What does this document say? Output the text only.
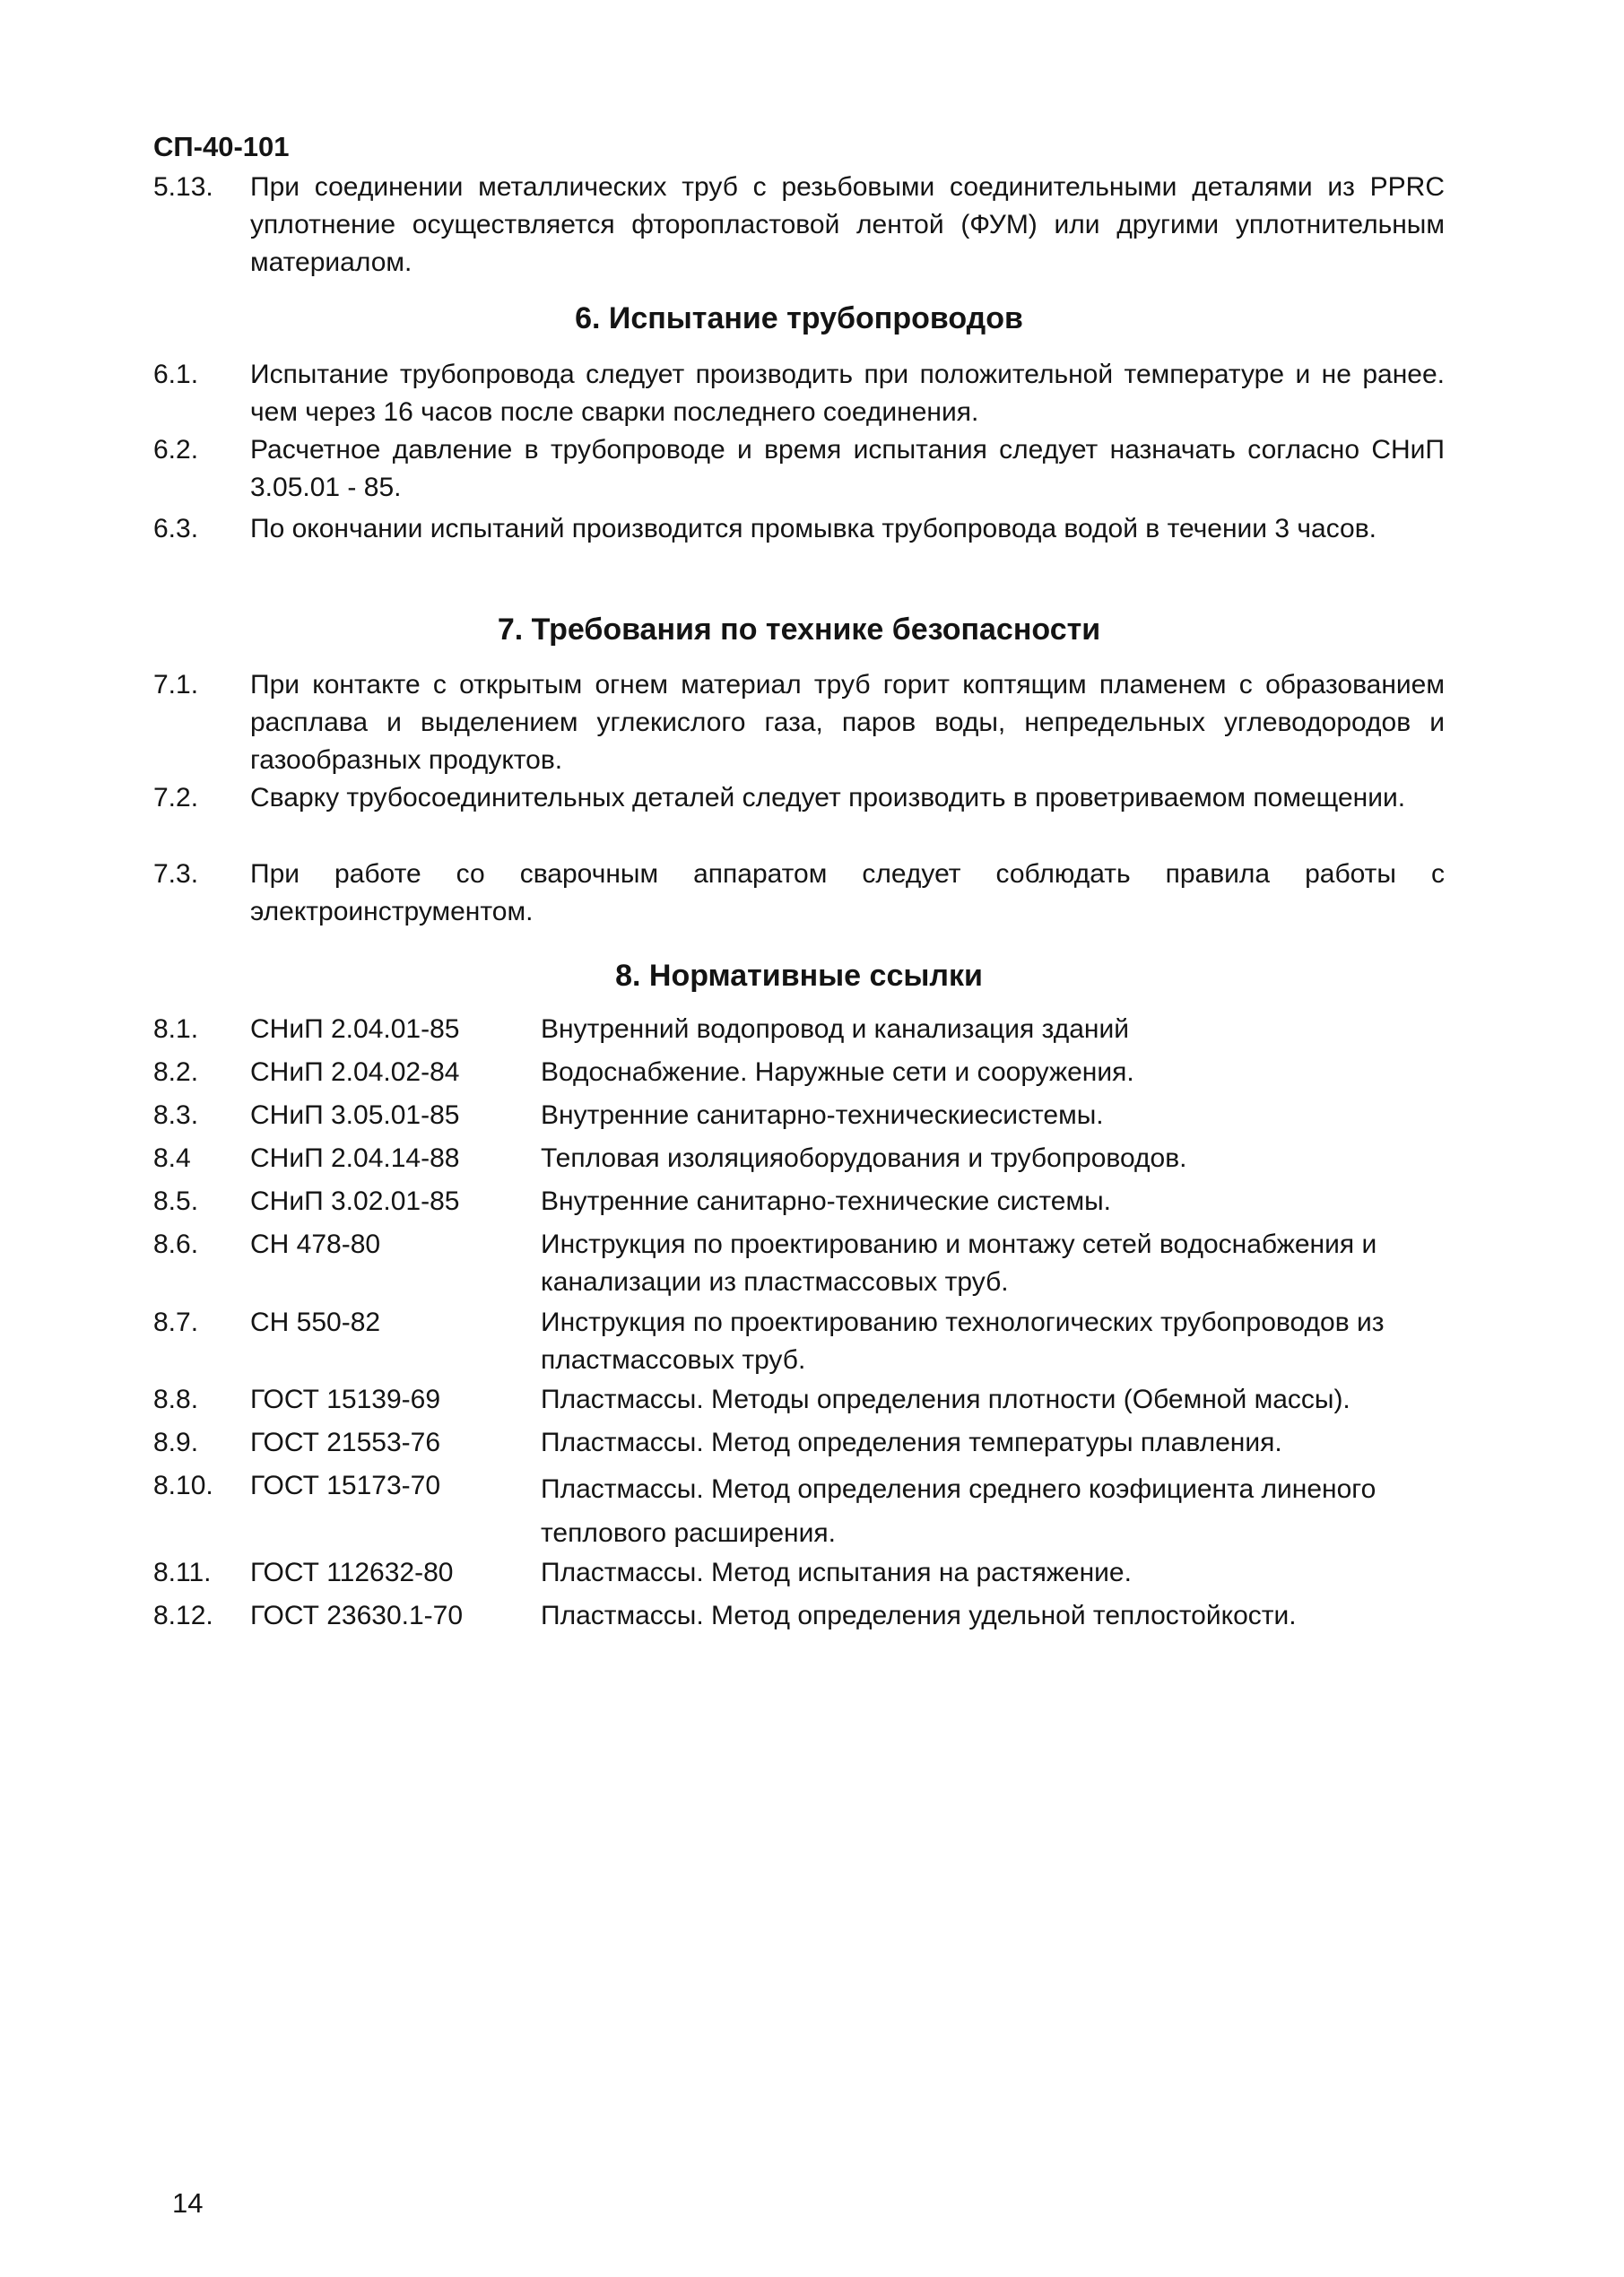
СП-40-101
5.13.	При соединении металлических труб с резьбовыми соединительными деталями из PPRC уплотнение осуществляется фторопластовой лентой (ФУМ) или другими уплотнительным материалом.
6. Испытание трубопроводов
6.1.	Испытание трубопровода следует производить при положительной температуре и не ранее. чем через 16 часов после сварки последнего соединения.
6.2.	Расчетное давление в трубопроводе и время испытания следует назначать согласно СНиП 3.05.01 - 85.
6.3.	По окончании испытаний производится промывка трубопровода водой в течении 3 часов.
7. Требования по технике безопасности
7.1.	При контакте с открытым огнем материал труб горит коптящим пламенем с образованием расплава и выделением углекислого газа, паров воды, непредельных углеводородов и газообразных продуктов.
7.2.	Сварку трубосоединительных деталей следует производить в проветриваемом помещении.
7.3.	При работе со сварочным аппаратом следует соблюдать правила работы с электроинструментом.
8. Нормативные ссылки
8.1. СНиП 2.04.01-85	Внутренний водопровод и канализация зданий
8.2. СНиП 2.04.02-84	Водоснабжение. Наружные сети и сооружения.
8.3. СНиП 3.05.01-85	Внутренние санитарно-техническиесистемы.
8.4 СНиП 2.04.14-88	Тепловая изоляцияоборудования и трубопроводов.
8.5. СНиП 3.02.01-85	Внутренние санитарно-технические системы.
8.6. СН 478-80	Инструкция по проектированию и монтажу сетей водоснабжения и канализации из пластмассовых труб.
8.7. СН 550-82	Инструкция по проектированию технологических трубопроводов из пластмассовых труб.
8.8. ГОСТ 15139-69	Пластмассы. Методы определения плотности (Обемной массы).
8.9. ГОСТ 21553-76	Пластмассы. Метод определения температуры плавления.
8.10. ГОСТ 15173-70	Пластмассы. Метод определения среднего коэфициента линеного теплового расширения.
8.11. ГОСТ 112632-80	Пластмассы. Метод испытания на растяжение.
8.12. ГОСТ 23630.1-70	Пластмассы. Метод определения удельной теплостойкости.
14
